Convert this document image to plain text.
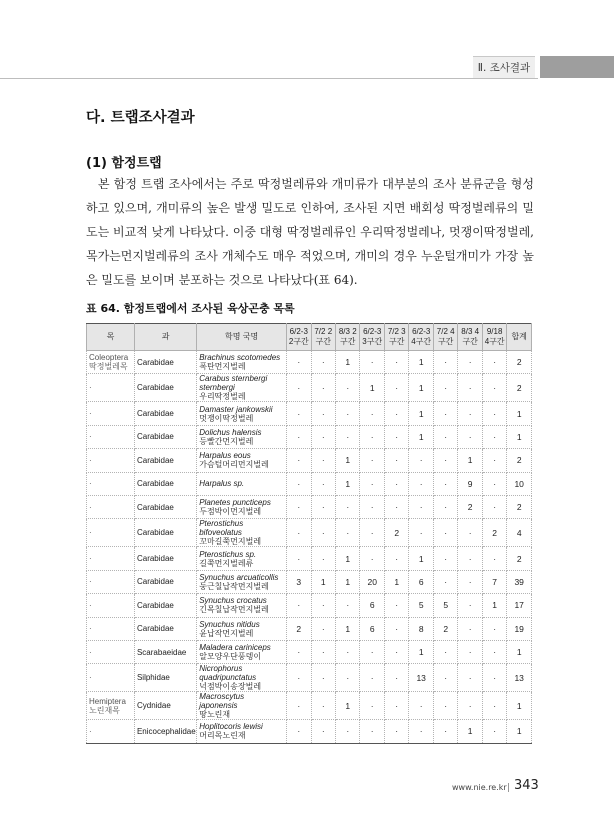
Ⅱ. 조사결과
다. 트랩조사결과
(1) 함정트랩
본 함정 트랩 조사에서는 주로 딱정벌레류와 개미류가 대부분의 조사 분류군을 형성하고 있으며, 개미류의 높은 발생 밀도로 인하여, 조사된 지면 배회성 딱정벌레류의 밀도는 비교적 낮게 나타났다. 이중 대형 딱정벌레류인 우리딱정벌레나, 멋쟁이딱정벌레, 목가는먼지벌레류의 조사 개체수도 매우 적었으며, 개미의 경우 누운털개미가 가장 높은 밀도를 보이며 분포하는 것으로 나타났다(표 64).
표 64. 함정트랩에서 조사된 육상곤충 목록
목	과	학명 국명	6/2-3 2구간	7/2 2구간	8/3 2구간	6/2-3 3구간	7/2 3구간	6/2-3 4구간	7/2 4구간	8/3 4구간	9/18 4구간	합계
Coleoptera 딱정벌레목	Carabidae	Brachinus scotomedes
폭탄먼지벌레	·	·	1	·	·	1	·	·	·	2
·	Carabidae	Carabus sternbergi sternbergi
우리딱정벌레	·	·	·	1	·	1	·	·	·	2
·	Carabidae	Damaster jankowskii
멋쟁이딱정벌레	·	·	·	·	·	1	·	·	·	1
·	Carabidae	Dolichus halensis
등빨간먼지벌레	·	·	·	·	·	1	·	·	·	1
·	Carabidae	Harpalus eous
가슴털머리먼지벌레	·	·	1	·	·	·	·	1	·	2
·	Carabidae	Harpalus sp.	·	·	1	·	·	·	·	9	·	10
·	Carabidae	Planetes puncticeps
두점박이먼지벌레	·	·	·	·	·	·	·	2	·	2
·	Carabidae	Pterostichus bifoveolatus
꼬마길쭉먼지벌레	·	·	·	·	2	·	·	·	2	4
·	Carabidae	Pterostichus sp.
길쭉먼지벌레류	·	·	1	·	·	1	·	·	·	2
·	Carabidae	Synuchus arcuaticollis
둥근칠납작먼지벌레	3	1	1	20	1	6	·	·	7	39
·	Carabidae	Synuchus crocatus
긴목칠납작먼지벌레	·	·	·	6	·	5	5	·	1	17
·	Carabidae	Synuchus nitidus
윤납작먼지벌레	2	·	1	6	·	8	2	·	·	19
·	Scarabaeidae	Maladera cariniceps
알모양우단풍뎅이	·	·	·	·	·	1	·	·	·	1
·	Silphidae	Nicrophorus quadripunctatus
넉점박이송장벌레	·	·	·	·	·	13	·	·	·	13
Hemiptera 노린재목	Cydnidae	Macroscytus japonensis
땅노린재	·	·	1	·	·	·	·	·	·	1
·	Enicocephalidae	Hoplitocoris lewisi
머리목노린재	·	·	·	·	·	·	·	1	·	1
www.nie.re.kr 343
